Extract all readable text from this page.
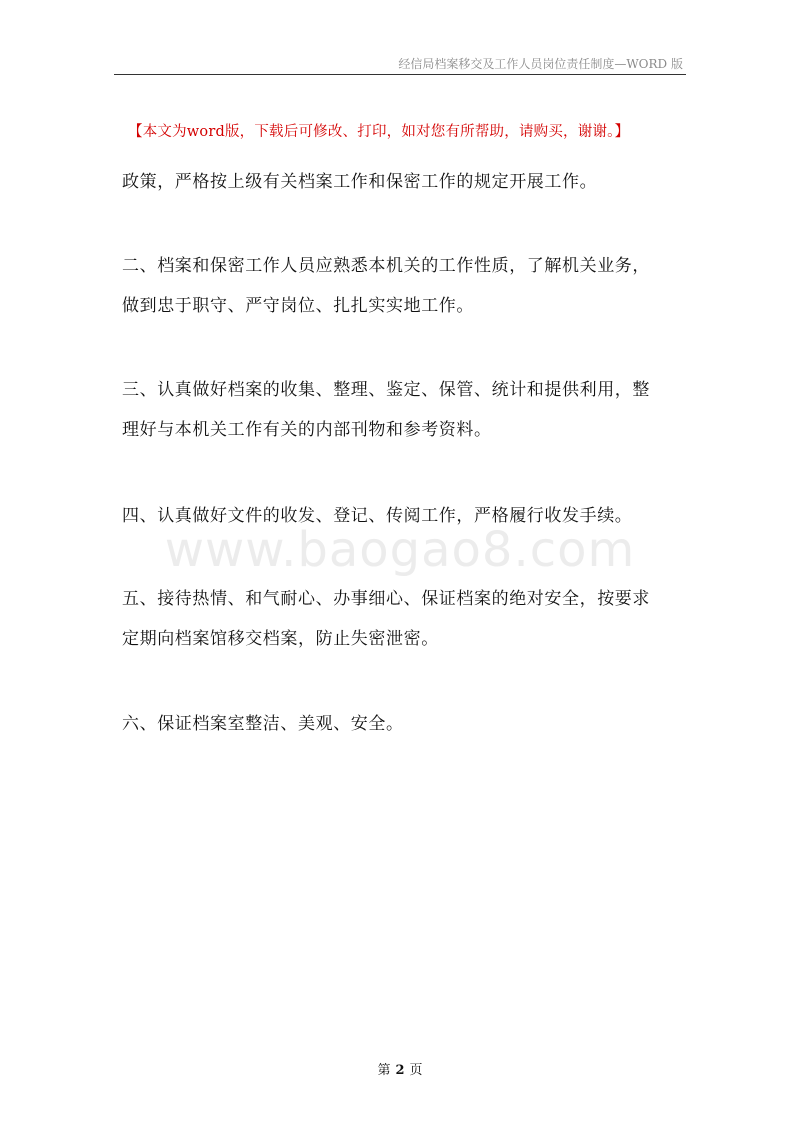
经信局档案移交及工作人员岗位责任制度—WORD 版
【本文为word版，下载后可修改、打印，如对您有所帮助，请购买，谢谢。】
www.baogao8.com

政策，严格按上级有关档案工作和保密工作的规定开展工作。

二、档案和保密工作人员应熟悉本机关的工作性质，了解机关业务，
做到忠于职守、严守岗位、扎扎实实地工作。

三、认真做好档案的收集、整理、鉴定、保管、统计和提供利用，整
理好与本机关工作有关的内部刊物和参考资料。

四、认真做好文件的收发、登记、传阅工作，严格履行收发手续。

五、接待热情、和气耐心、办事细心、保证档案的绝对安全，按要求
定期向档案馆移交档案，防止失密泄密。

六、保证档案室整洁、美观、安全。

第 2 页
